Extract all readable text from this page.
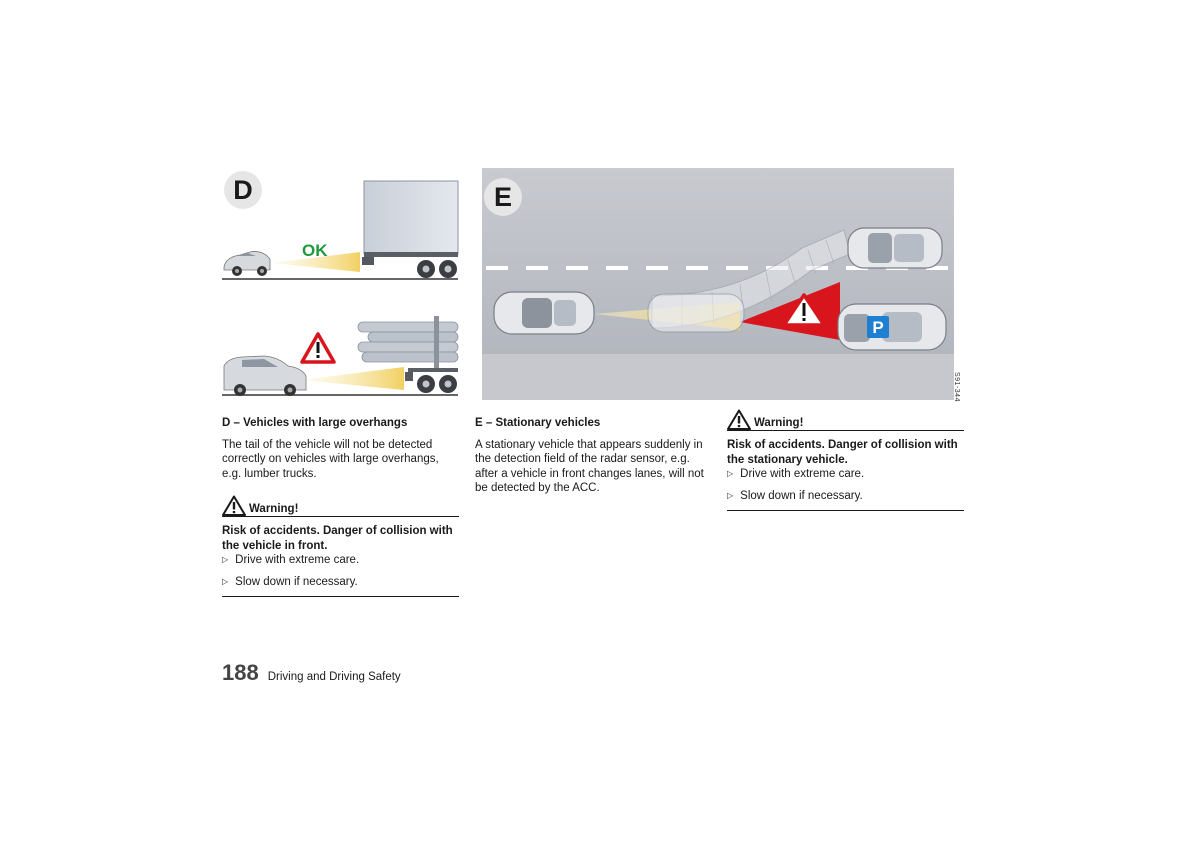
D
OK
P
E
S91-344
D – Vehicles with large overhangs

The tail of the vehicle will not be detected correctly on vehicles with large overhangs, e.g. lumber trucks.

Warning!

Risk of accidents. Danger of collision with the vehicle in front.

▷ Drive with extreme care.
▷ Slow down if necessary.
E – Stationary vehicles

A stationary vehicle that appears suddenly in the detection field of the radar sensor, e.g. after a vehicle in front changes lanes, will not be detected by the ACC.

Warning!

Risk of accidents. Danger of collision with the stationary vehicle.

▷ Drive with extreme care.
▷ Slow down if necessary.
188 Driving and Driving Safety
